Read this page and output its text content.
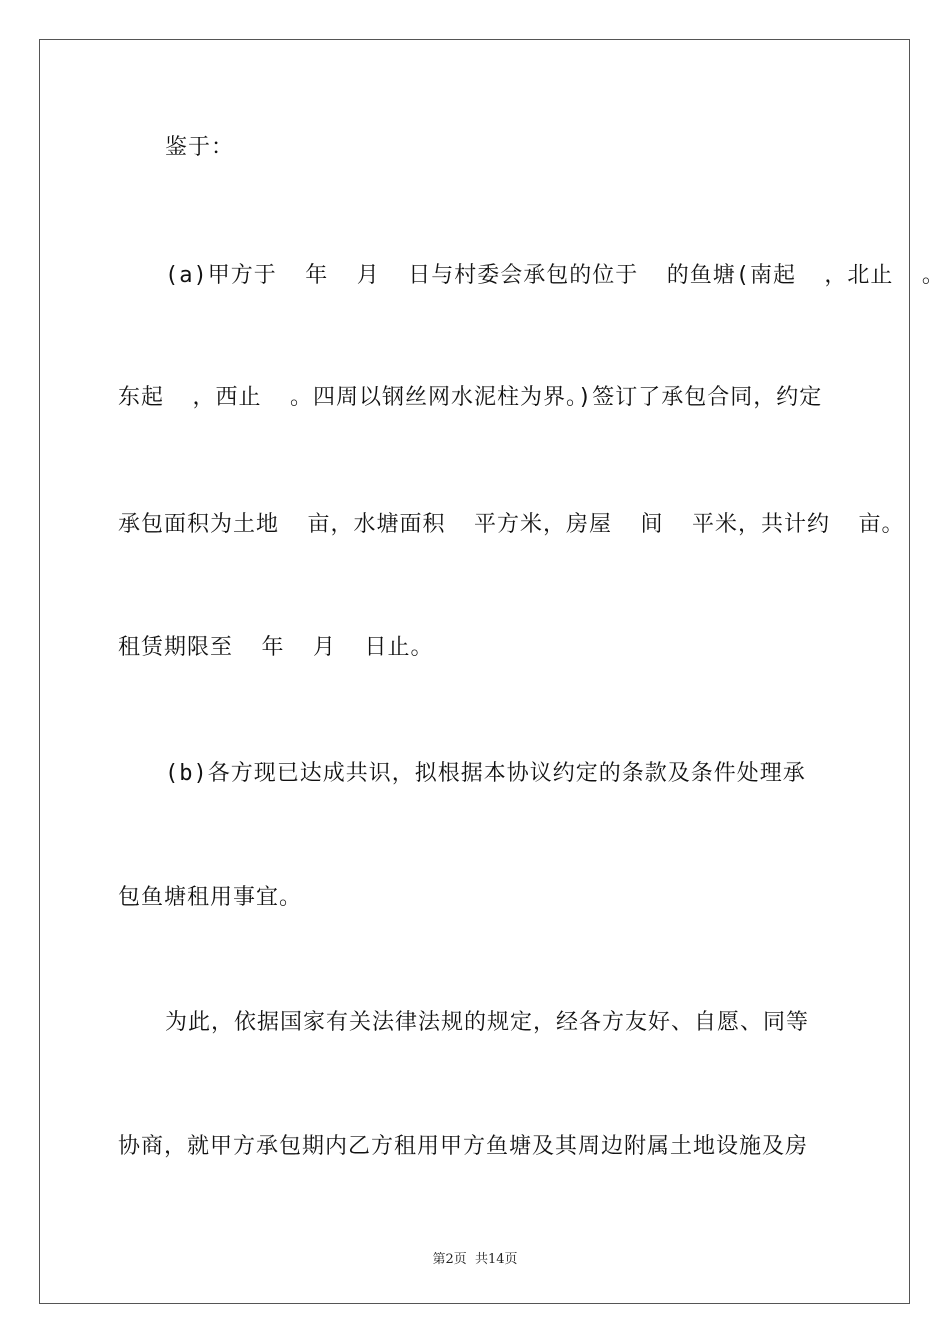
鉴于：
(a)甲方于  年  月  日与村委会承包的位于  的鱼塘(南起  ，北止  。
东起  ，西止  。四周以钢丝网水泥柱为界。)签订了承包合同，约定
承包面积为土地  亩，水塘面积  平方米，房屋  间  平米，共计约  亩。
租赁期限至  年  月  日止。
(b)各方现已达成共识，拟根据本协议约定的条款及条件处理承
包鱼塘租用事宜。
为此，依据国家有关法律法规的规定，经各方友好、自愿、同等
协商，就甲方承包期内乙方租用甲方鱼塘及其周边附属土地设施及房
第2页  共14页
